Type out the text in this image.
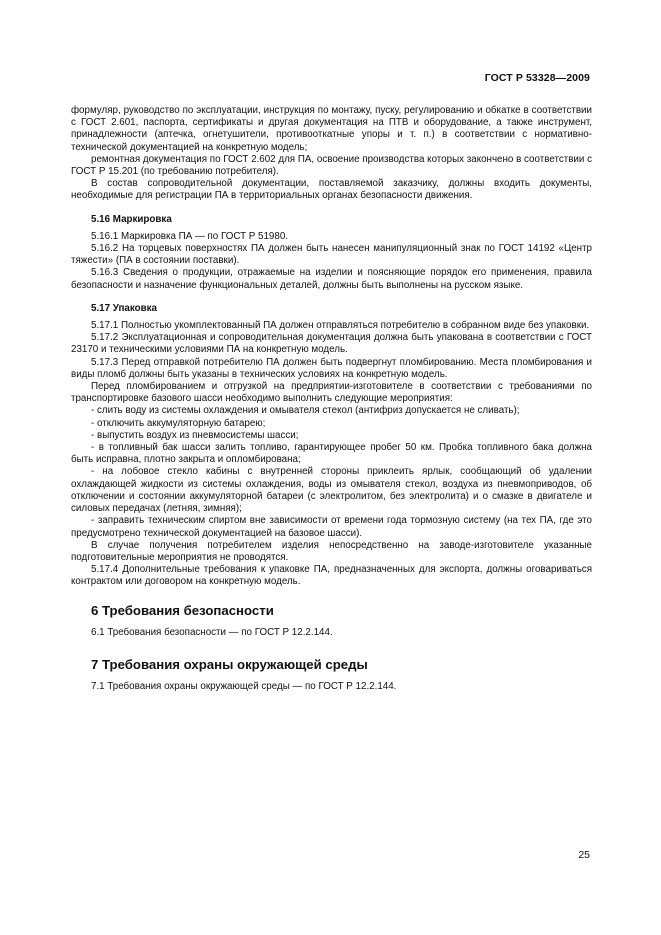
ГОСТ Р 53328—2009

формуляр, руководство по эксплуатации, инструкция по монтажу, пуску, регулированию и обкатке в соответствии с ГОСТ 2.601, паспорта, сертификаты и другая документация на ПТВ и оборудование, а также инструмент, принадлежности (аптечка, огнетушители, противооткатные упоры и т. п.) в соответствии с нормативно-технической документацией на конкретную модель;

ремонтная документация по ГОСТ 2.602 для ПА, освоение производства которых закончено в соответствии с ГОСТ Р 15.201 (по требованию потребителя).

В состав сопроводительной документации, поставляемой заказчику, должны входить документы, необходимые для регистрации ПА в территориальных органах безопасности движения.

5.16 Маркировка

5.16.1 Маркировка ПА — по ГОСТ Р 51980.

5.16.2 На торцевых поверхностях ПА должен быть нанесен манипуляционный знак по ГОСТ 14192 «Центр тяжести» (ПА в состоянии поставки).

5.16.3 Сведения о продукции, отражаемые на изделии и поясняющие порядок его применения, правила безопасности и назначение функциональных деталей, должны быть выполнены на русском языке.

5.17 Упаковка

5.17.1 Полностью укомплектованный ПА должен отправляться потребителю в собранном виде без упаковки.

5.17.2 Эксплуатационная и сопроводительная документация должна быть упакована в соответствии с ГОСТ 23170 и техническими условиями ПА на конкретную модель.

5.17.3 Перед отправкой потребителю ПА должен быть подвергнут пломбированию. Места пломбирования и виды пломб должны быть указаны в технических условиях на конкретную модель.

Перед пломбированием и отгрузкой на предприятии-изготовителе в соответствии с требованиями по транспортировке базового шасси необходимо выполнить следующие мероприятия:

- слить воду из системы охлаждения и омывателя стекол (антифриз допускается не сливать);

- отключить аккумуляторную батарею;

- выпустить воздух из пневмосистемы шасси;

- в топливный бак шасси залить топливо, гарантирующее пробег 50 км. Пробка топливного бака должна быть исправна, плотно закрыта и опломбирована;

- на лобовое стекло кабины с внутренней стороны приклеить ярлык, сообщающий об удалении охлаждающей жидкости из системы охлаждения, воды из омывателя стекол, воздуха из пневмоприводов, об отключении и состоянии аккумуляторной батареи (с электролитом, без электролита) и о смазке в двигателе и силовых передачах (летняя, зимняя);

- заправить техническим спиртом вне зависимости от времени года тормозную систему (на тех ПА, где это предусмотрено технической документацией на базовое шасси).

В случае получения потребителем изделия непосредственно на заводе-изготовителе указанные подготовительные мероприятия не проводятся.

5.17.4 Дополнительные требования к упаковке ПА, предназначенных для экспорта, должны оговариваться контрактом или договором на конкретную модель.

6 Требования безопасности

6.1 Требования безопасности — по ГОСТ Р 12.2.144.

7 Требования охраны окружающей среды

7.1 Требования охраны окружающей среды — по ГОСТ Р 12.2.144.

25
